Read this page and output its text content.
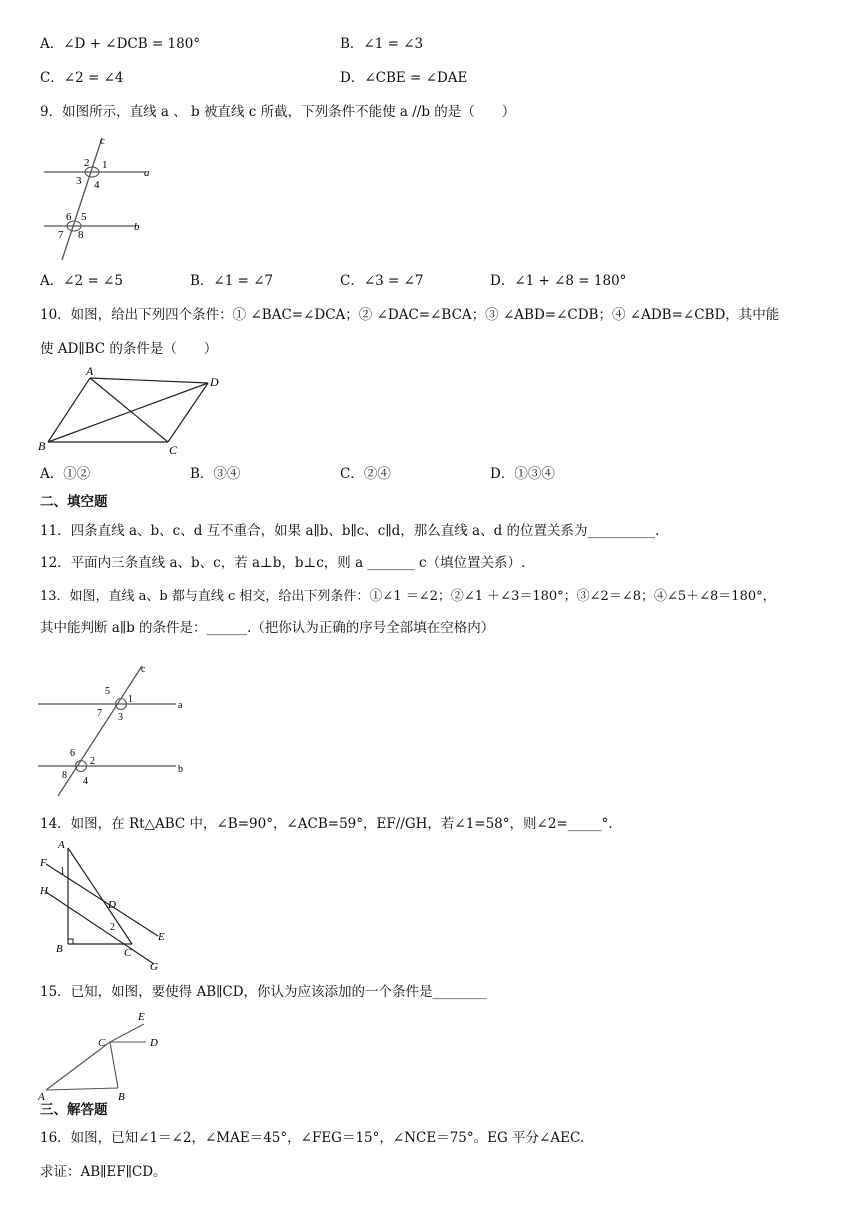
A．∠D + ∠DCB = 180°	B．∠1 = ∠3
C．∠2 = ∠4	D．∠CBE = ∠DAE
9．如图所示，直线 a 、 b 被直线 c 所截，下列条件不能使 a //b 的是（　　）
c
a
b
2 1
3 4
6 5
7 8
A．∠2 = ∠5	B．∠1 = ∠7	C．∠3 = ∠7	D．∠1 + ∠8 = 180°
10．如图，给出下列四个条件：① ∠BAC=∠DCA；② ∠DAC=∠BCA；③ ∠ABD=∠CDB；④ ∠ADB=∠CBD，其中能
使 AD∥BC 的条件是（　　）
A
D
B	C
A．①②	B．③④	C．②④	D．①③④
二、填空题
11．四条直线 a、b、c、d 互不重合，如果 a∥b、b∥c、c∥d，那么直线 a、d 的位置关系为__________.
12．平面内三条直线 a、b、c，若 a⊥b，b⊥c，则 a _______ c（填位置关系）.
13．如图，直线 a、b 都与直线 c 相交，给出下列条件：①∠1 ＝∠2；②∠1 ＋∠3＝180°；③∠2＝∠8；④∠5＋∠8＝180°，
其中能判断 a∥b 的条件是：______.（把你认为正确的序号全部填在空格内）
c
a
b
5
1
7 3
6
2
8
4
14．如图，在 Rt△ABC 中，∠B=90°，∠ACB=59°，EF//GH，若∠1=58°，则∠2=_____°.
A
F
1
H
D
2
E
B	C
G
15．已知，如图，要使得 AB∥CD，你认为应该添加的一个条件是________
E
C	D
A	B
三、解答题
16．如图，已知∠1＝∠2，∠MAE＝45°，∠FEG＝15°，∠NCE＝75°。EG 平分∠AEC.
求证：AB∥EF∥CD。
